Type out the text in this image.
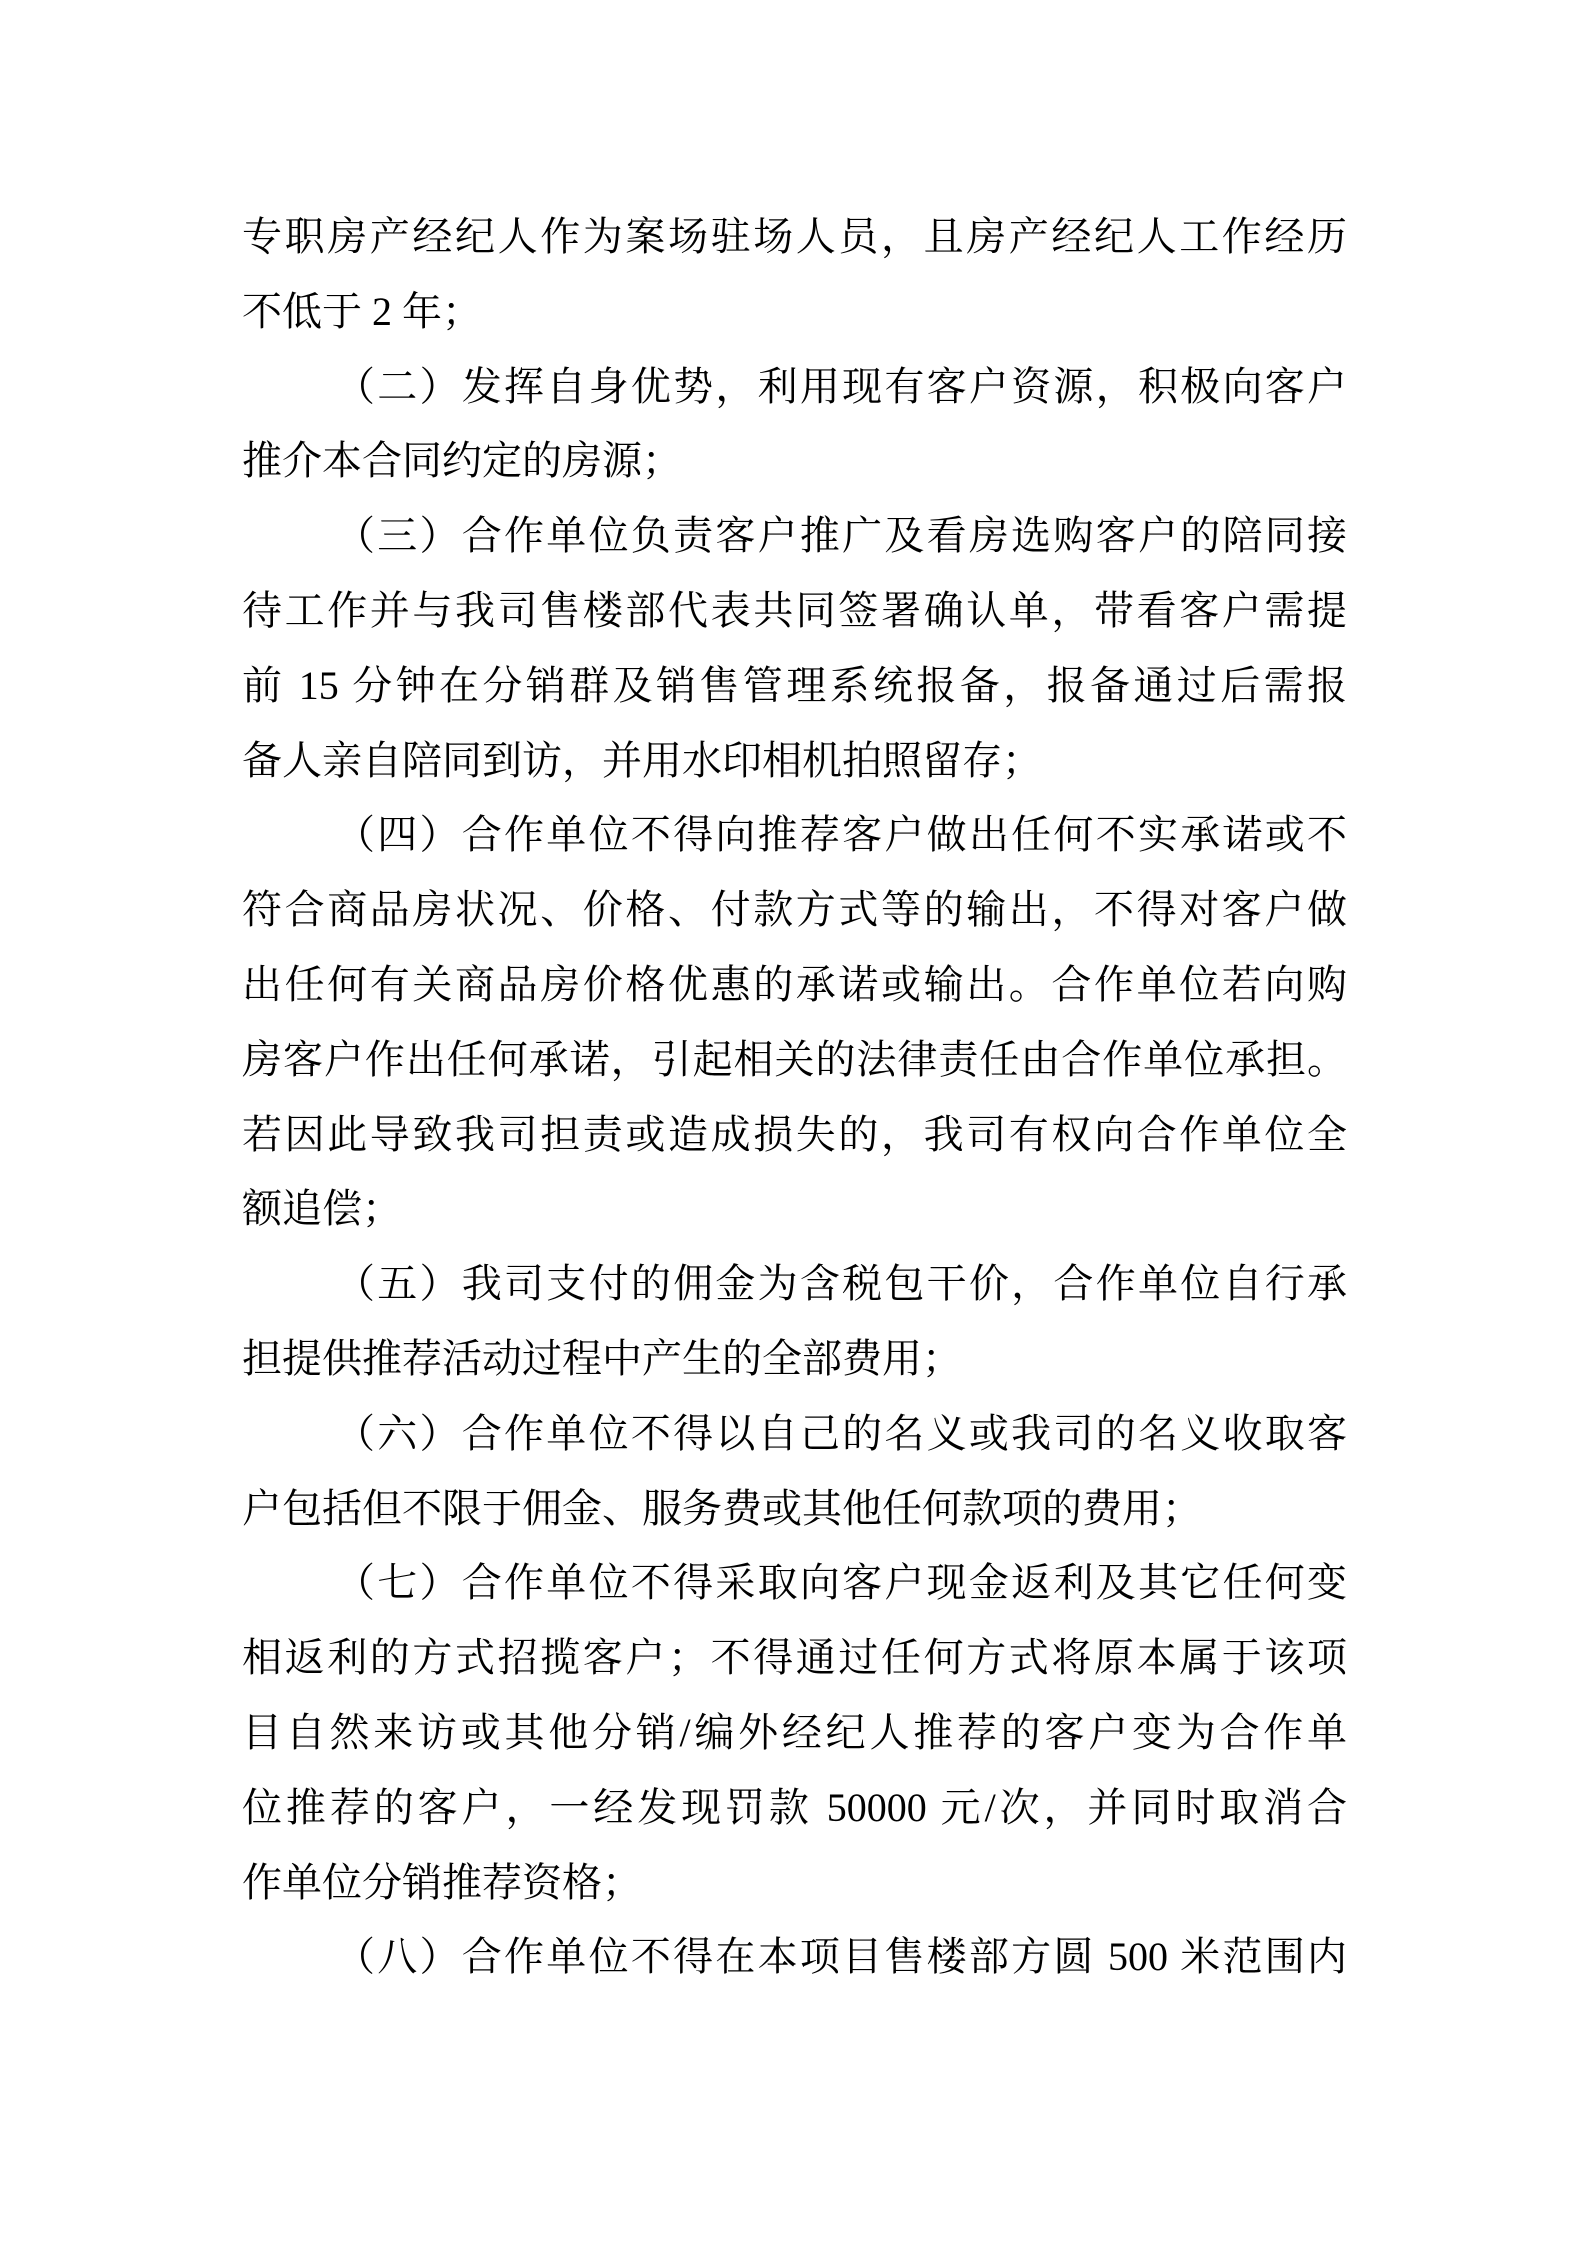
专职房产经纪人作为案场驻场人员，且房产经纪人工作经历
不低于 2 年；
（二）发挥自身优势，利用现有客户资源，积极向客户
推介本合同约定的房源；
（三）合作单位负责客户推广及看房选购客户的陪同接
待工作并与我司售楼部代表共同签署确认单，带看客户需提
前 15 分钟在分销群及销售管理系统报备，报备通过后需报
备人亲自陪同到访，并用水印相机拍照留存；
（四）合作单位不得向推荐客户做出任何不实承诺或不
符合商品房状况、价格、付款方式等的输出，不得对客户做
出任何有关商品房价格优惠的承诺或输出。合作单位若向购
房客户作出任何承诺，引起相关的法律责任由合作单位承担。
若因此导致我司担责或造成损失的，我司有权向合作单位全
额追偿；
（五）我司支付的佣金为含税包干价，合作单位自行承
担提供推荐活动过程中产生的全部费用；
（六）合作单位不得以自己的名义或我司的名义收取客
户包括但不限于佣金、服务费或其他任何款项的费用；
（七）合作单位不得采取向客户现金返利及其它任何变
相返利的方式招揽客户；不得通过任何方式将原本属于该项
目自然来访或其他分销/编外经纪人推荐的客户变为合作单
位推荐的客户，一经发现罚款 50000 元/次，并同时取消合
作单位分销推荐资格；
（八）合作单位不得在本项目售楼部方圆 500 米范围内
